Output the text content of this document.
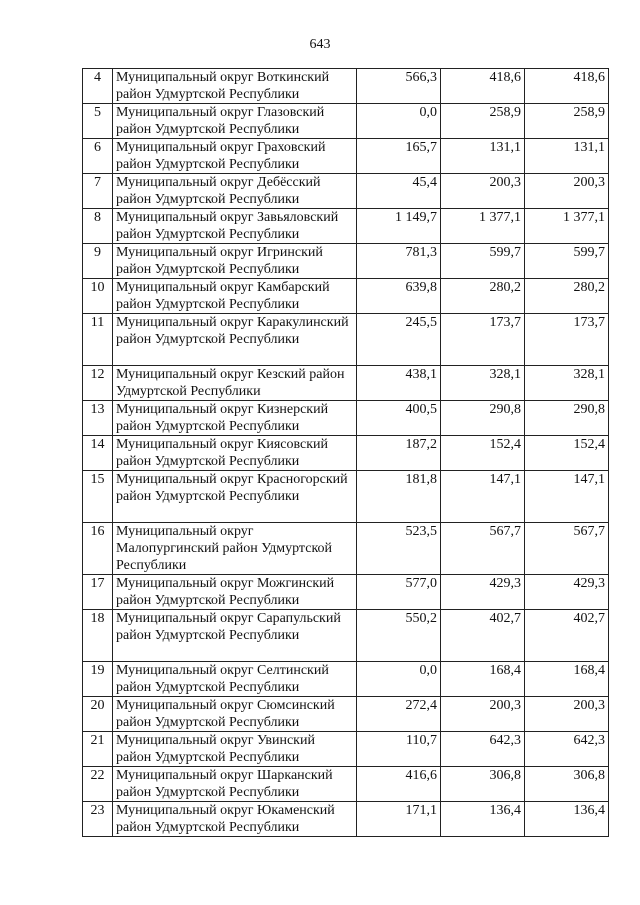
643
4	Муниципальный округ Воткинский район Удмуртской Республики	566,3	418,6	418,6
5	Муниципальный округ Глазовский район Удмуртской Республики	0,0	258,9	258,9
6	Муниципальный округ Граховский район Удмуртской Республики	165,7	131,1	131,1
7	Муниципальный округ Дебёсский район Удмуртской Республики	45,4	200,3	200,3
8	Муниципальный округ Завьяловский район Удмуртской Республики	1 149,7	1 377,1	1 377,1
9	Муниципальный округ Игринский район Удмуртской Республики	781,3	599,7	599,7
10	Муниципальный округ Камбарский район Удмуртской Республики	639,8	280,2	280,2
11	Муниципальный округ Каракулинский район Удмуртской Республики	245,5	173,7	173,7
12	Муниципальный округ Кезский район Удмуртской Республики	438,1	328,1	328,1
13	Муниципальный округ Кизнерский район Удмуртской Республики	400,5	290,8	290,8
14	Муниципальный округ Киясовский район Удмуртской Республики	187,2	152,4	152,4
15	Муниципальный округ Красногорский район Удмуртской Республики	181,8	147,1	147,1
16	Муниципальный округ Малопургинский район Удмуртской Республики	523,5	567,7	567,7
17	Муниципальный округ Можгинский район Удмуртской Республики	577,0	429,3	429,3
18	Муниципальный округ Сарапульский район Удмуртской Республики	550,2	402,7	402,7
19	Муниципальный округ Селтинский район Удмуртской Республики	0,0	168,4	168,4
20	Муниципальный округ Сюмсинский район Удмуртской Республики	272,4	200,3	200,3
21	Муниципальный округ Увинский район Удмуртской Республики	110,7	642,3	642,3
22	Муниципальный округ Шарканский район Удмуртской Республики	416,6	306,8	306,8
23	Муниципальный округ Юкаменский район Удмуртской Республики	171,1	136,4	136,4
